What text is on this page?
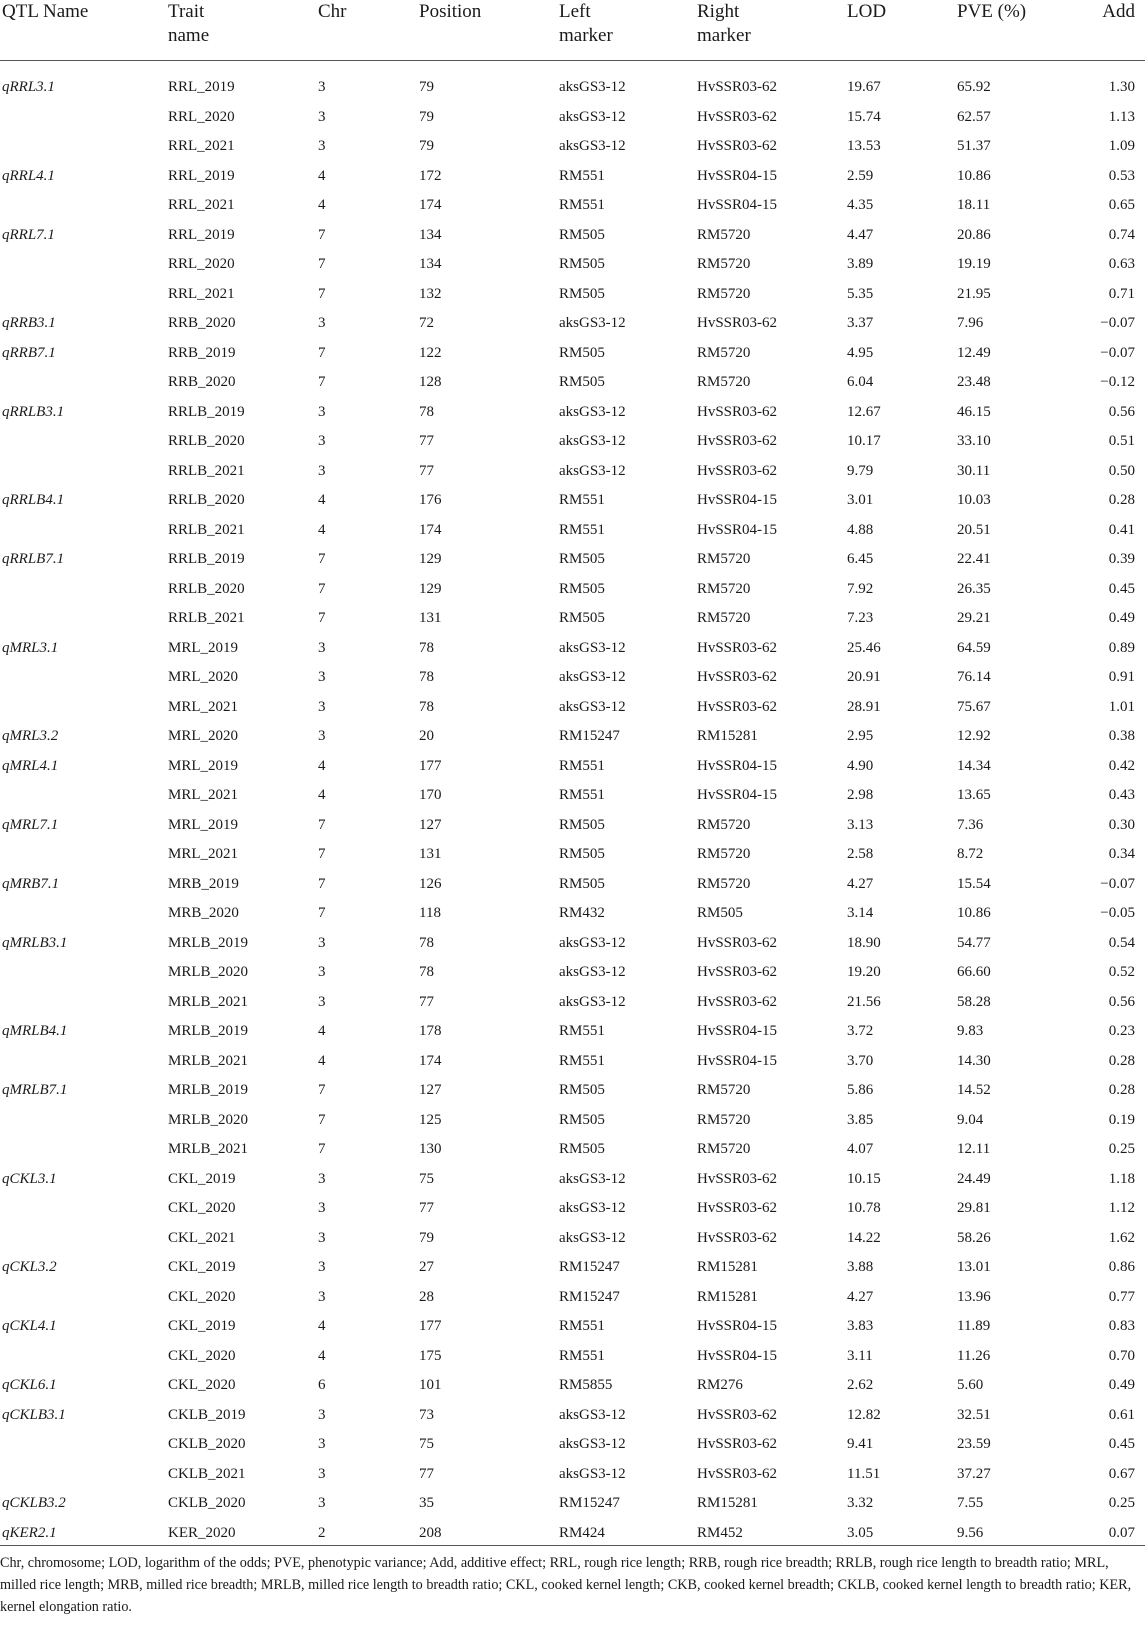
QTL Name	Trait name	Chr	Position	Left marker	Right marker	LOD	PVE (%)	Add

qRRL3.1	RRL_2019	3	79	aksGS3-12	HvSSR03-62	19.67	65.92	1.30
	RRL_2020	3	79	aksGS3-12	HvSSR03-62	15.74	62.57	1.13
	RRL_2021	3	79	aksGS3-12	HvSSR03-62	13.53	51.37	1.09
qRRL4.1	RRL_2019	4	172	RM551	HvSSR04-15	2.59	10.86	0.53
	RRL_2021	4	174	RM551	HvSSR04-15	4.35	18.11	0.65
qRRL7.1	RRL_2019	7	134	RM505	RM5720	4.47	20.86	0.74
	RRL_2020	7	134	RM505	RM5720	3.89	19.19	0.63
	RRL_2021	7	132	RM505	RM5720	5.35	21.95	0.71
qRRB3.1	RRB_2020	3	72	aksGS3-12	HvSSR03-62	3.37	7.96	−0.07
qRRB7.1	RRB_2019	7	122	RM505	RM5720	4.95	12.49	−0.07
	RRB_2020	7	128	RM505	RM5720	6.04	23.48	−0.12
qRRLB3.1	RRLB_2019	3	78	aksGS3-12	HvSSR03-62	12.67	46.15	0.56
	RRLB_2020	3	77	aksGS3-12	HvSSR03-62	10.17	33.10	0.51
	RRLB_2021	3	77	aksGS3-12	HvSSR03-62	9.79	30.11	0.50
qRRLB4.1	RRLB_2020	4	176	RM551	HvSSR04-15	3.01	10.03	0.28
	RRLB_2021	4	174	RM551	HvSSR04-15	4.88	20.51	0.41
qRRLB7.1	RRLB_2019	7	129	RM505	RM5720	6.45	22.41	0.39
	RRLB_2020	7	129	RM505	RM5720	7.92	26.35	0.45
	RRLB_2021	7	131	RM505	RM5720	7.23	29.21	0.49
qMRL3.1	MRL_2019	3	78	aksGS3-12	HvSSR03-62	25.46	64.59	0.89
	MRL_2020	3	78	aksGS3-12	HvSSR03-62	20.91	76.14	0.91
	MRL_2021	3	78	aksGS3-12	HvSSR03-62	28.91	75.67	1.01
qMRL3.2	MRL_2020	3	20	RM15247	RM15281	2.95	12.92	0.38
qMRL4.1	MRL_2019	4	177	RM551	HvSSR04-15	4.90	14.34	0.42
	MRL_2021	4	170	RM551	HvSSR04-15	2.98	13.65	0.43
qMRL7.1	MRL_2019	7	127	RM505	RM5720	3.13	7.36	0.30
	MRL_2021	7	131	RM505	RM5720	2.58	8.72	0.34
qMRB7.1	MRB_2019	7	126	RM505	RM5720	4.27	15.54	−0.07
	MRB_2020	7	118	RM432	RM505	3.14	10.86	−0.05
qMRLB3.1	MRLB_2019	3	78	aksGS3-12	HvSSR03-62	18.90	54.77	0.54
	MRLB_2020	3	78	aksGS3-12	HvSSR03-62	19.20	66.60	0.52
	MRLB_2021	3	77	aksGS3-12	HvSSR03-62	21.56	58.28	0.56
qMRLB4.1	MRLB_2019	4	178	RM551	HvSSR04-15	3.72	9.83	0.23
	MRLB_2021	4	174	RM551	HvSSR04-15	3.70	14.30	0.28
qMRLB7.1	MRLB_2019	7	127	RM505	RM5720	5.86	14.52	0.28
	MRLB_2020	7	125	RM505	RM5720	3.85	9.04	0.19
	MRLB_2021	7	130	RM505	RM5720	4.07	12.11	0.25
qCKL3.1	CKL_2019	3	75	aksGS3-12	HvSSR03-62	10.15	24.49	1.18
	CKL_2020	3	77	aksGS3-12	HvSSR03-62	10.78	29.81	1.12
	CKL_2021	3	79	aksGS3-12	HvSSR03-62	14.22	58.26	1.62
qCKL3.2	CKL_2019	3	27	RM15247	RM15281	3.88	13.01	0.86
	CKL_2020	3	28	RM15247	RM15281	4.27	13.96	0.77
qCKL4.1	CKL_2019	4	177	RM551	HvSSR04-15	3.83	11.89	0.83
	CKL_2020	4	175	RM551	HvSSR04-15	3.11	11.26	0.70
qCKL6.1	CKL_2020	6	101	RM5855	RM276	2.62	5.60	0.49
qCKLB3.1	CKLB_2019	3	73	aksGS3-12	HvSSR03-62	12.82	32.51	0.61
	CKLB_2020	3	75	aksGS3-12	HvSSR03-62	9.41	23.59	0.45
	CKLB_2021	3	77	aksGS3-12	HvSSR03-62	11.51	37.27	0.67
qCKLB3.2	CKLB_2020	3	35	RM15247	RM15281	3.32	7.55	0.25
qKER2.1	KER_2020	2	208	RM424	RM452	3.05	9.56	0.07
Chr, chromosome; LOD, logarithm of the odds; PVE, phenotypic variance; Add, additive effect; RRL, rough rice length; RRB, rough rice breadth; RRLB, rough rice length to breadth ratio; MRL, milled rice length; MRB, milled rice breadth; MRLB, milled rice length to breadth ratio; CKL, cooked kernel length; CKB, cooked kernel breadth; CKLB, cooked kernel length to breadth ratio; KER, kernel elongation ratio.
